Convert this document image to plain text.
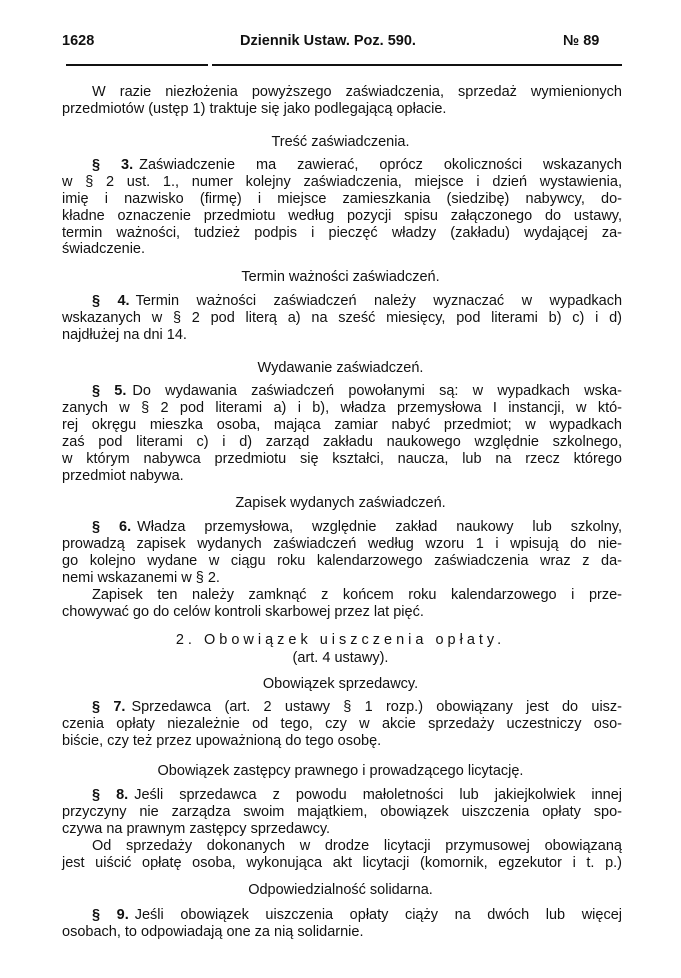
1628	Dziennik Ustaw. Poz. 590.	№ 89
W razie niezłożenia powyższego zaświadczenia, sprzedaż wymienionych
przedmiotów (ustęp 1) traktuje się jako podlegającą opłacie.
Treść zaświadczenia.
§ 3. Zaświadczenie ma zawierać, oprócz okoliczności wskazanych
w § 2 ust. 1., numer kolejny zaświadczenia, miejsce i dzień wystawienia,
imię i nazwisko (firmę) i miejsce zamieszkania (siedzibę) nabywcy, do-
kładne oznaczenie przedmiotu według pozycji spisu załączonego do ustawy,
termin ważności, tudzież podpis i pieczęć władzy (zakładu) wydającej za-
świadczenie.
Termin ważności zaświadczeń.
§ 4. Termin ważności zaświadczeń należy wyznaczać w wypadkach
wskazanych w § 2 pod literą a) na sześć miesięcy, pod literami b) c) i d)
najdłużej na dni 14.
Wydawanie zaświadczeń.
§ 5. Do wydawania zaświadczeń powołanymi są: w wypadkach wska-
zanych w § 2 pod literami a) i b), władza przemysłowa I instancji, w któ-
rej okręgu mieszka osoba, mająca zamiar nabyć przedmiot; w wypadkach
zaś pod literami c) i d) zarząd zakładu naukowego względnie szkolnego,
w którym nabywca przedmiotu się kształci, naucza, lub na rzecz którego
przedmiot nabywa.
Zapisek wydanych zaświadczeń.
§ 6. Władza przemysłowa, względnie zakład naukowy lub szkolny,
prowadzą zapisek wydanych zaświadczeń według wzoru 1 i wpisują do nie-
go kolejno wydane w ciągu roku kalendarzowego zaświadczenia wraz z da-
nemi wskazanemi w § 2.
Zapisek ten należy zamknąć z końcem roku kalendarzowego i prze-
chowywać go do celów kontroli skarbowej przez lat pięć.
2. Obowiązek uiszczenia opłaty.
(art. 4 ustawy).
Obowiązek sprzedawcy.
§ 7. Sprzedawca (art. 2 ustawy § 1 rozp.) obowiązany jest do uisz-
czenia opłaty niezależnie od tego, czy w akcie sprzedaży uczestniczy oso-
biście, czy też przez upoważnioną do tego osobę.
Obowiązek zastępcy prawnego i prowadzącego licytację.
§ 8. Jeśli sprzedawca z powodu małoletności lub jakiejkolwiek innej
przyczyny nie zarządza swoim majątkiem, obowiązek uiszczenia opłaty spo-
czywa na prawnym zastępcy sprzedawcy.
Od sprzedaży dokonanych w drodze licytacji przymusowej obowiązaną
jest uiścić opłatę osoba, wykonująca akt licytacji (komornik, egzekutor i t. p.)
Odpowiedzialność solidarna.
§ 9. Jeśli obowiązek uiszczenia opłaty ciąży na dwóch lub więcej
osobach, to odpowiadają one za nią solidarnie.
